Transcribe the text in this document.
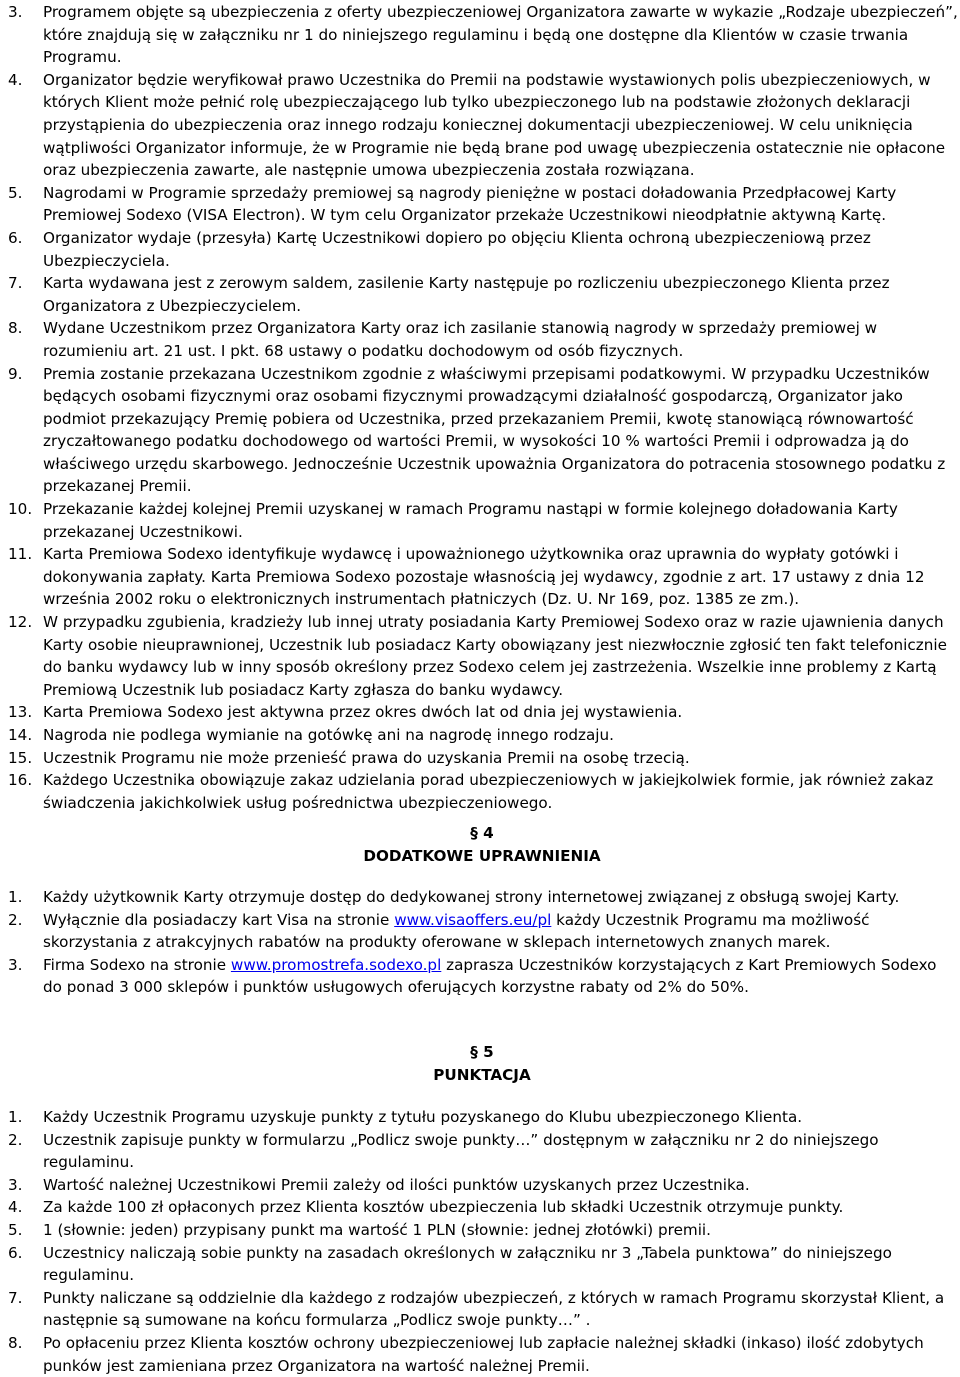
3. Programem objęte są ubezpieczenia z oferty ubezpieczeniowej Organizatora zawarte w wykazie „Rodzaje ubezpieczeń”, które znajdują się w załączniku nr 1 do niniejszego regulaminu i będą one dostępne dla Klientów w czasie trwania Programu.
4. Organizator będzie weryfikował prawo Uczestnika do Premii na podstawie wystawionych polis ubezpieczeniowych, w których Klient może pełnić rolę ubezpieczającego lub tylko ubezpieczonego lub na podstawie złożonych deklaracji przystąpienia do ubezpieczenia oraz innego rodzaju koniecznej dokumentacji ubezpieczeniowej. W celu uniknięcia wątpliwości Organizator informuje, że w Programie nie będą brane pod uwagę ubezpieczenia ostatecznie nie opłacone oraz ubezpieczenia zawarte, ale następnie umowa ubezpieczenia została rozwiązana.
5. Nagrodami w Programie sprzedaży premiowej są nagrody pieniężne w postaci doładowania Przedpłacowej Karty Premiowej Sodexo (VISA Electron). W tym celu Organizator przekaże Uczestnikowi nieodpłatnie aktywną Kartę.
6. Organizator wydaje (przesyła) Kartę Uczestnikowi dopiero po objęciu Klienta ochroną ubezpieczeniową przez Ubezpieczyciela.
7. Karta wydawana jest z zerowym saldem, zasilenie Karty następuje po rozliczeniu ubezpieczonego Klienta przez Organizatora z Ubezpieczycielem.
8. Wydane Uczestnikom przez Organizatora Karty oraz ich zasilanie stanowią nagrody w sprzedaży premiowej w rozumieniu art. 21 ust. I pkt. 68 ustawy o podatku dochodowym od osób fizycznych.
9. Premia zostanie przekazana Uczestnikom zgodnie z właściwymi przepisami podatkowymi. W przypadku Uczestników będących osobami fizycznymi oraz osobami fizycznymi prowadzącymi działalność gospodarczą, Organizator jako podmiot przekazujący Premię pobiera od Uczestnika, przed przekazaniem Premii, kwotę stanowiącą równowartość zryczałtowanego podatku dochodowego od wartości Premii, w wysokości 10 % wartości Premii i odprowadza ją do właściwego urzędu skarbowego. Jednocześnie Uczestnik upoważnia Organizatora do potracenia stosownego podatku z przekazanej Premii.
10. Przekazanie każdej kolejnej Premii uzyskanej w ramach Programu nastąpi w formie kolejnego doładowania Karty przekazanej Uczestnikowi.
11. Karta Premiowa Sodexo identyfikuje wydawcę i upoważnionego użytkownika oraz uprawnia do wypłaty gotówki i dokonywania zapłaty. Karta Premiowa Sodexo pozostaje własnością jej wydawcy, zgodnie z art. 17 ustawy z dnia 12 września 2002 roku o elektronicznych instrumentach płatniczych (Dz. U. Nr 169, poz. 1385 ze zm.).
12. W przypadku zgubienia, kradzieży lub innej utraty posiadania Karty Premiowej Sodexo oraz w razie ujawnienia danych Karty osobie nieuprawnionej, Uczestnik lub posiadacz Karty obowiązany jest niezwłocznie zgłosić ten fakt telefonicznie do banku wydawcy lub w inny sposób określony przez Sodexo celem jej zastrzeżenia. Wszelkie inne problemy z Kartą Premiową Uczestnik lub posiadacz Karty zgłasza do banku wydawcy.
13. Karta Premiowa Sodexo jest aktywna przez okres dwóch lat od dnia jej wystawienia.
14. Nagroda nie podlega wymianie na gotówkę ani na nagrodę innego rodzaju.
15. Uczestnik Programu nie może przenieść prawa do uzyskania Premii na osobę trzecią.
16. Każdego Uczestnika obowiązuje zakaz udzielania porad ubezpieczeniowych w jakiejkolwiek formie, jak również zakaz świadczenia jakichkolwiek usług pośrednictwa ubezpieczeniowego.
§ 4
DODATKOWE UPRAWNIENIA
1. Każdy użytkownik Karty otrzymuje dostęp do dedykowanej strony internetowej związanej z obsługą swojej Karty.
2. Wyłącznie dla posiadaczy kart Visa na stronie www.visaoffers.eu/pl każdy Uczestnik Programu ma możliwość skorzystania z atrakcyjnych rabatów na produkty oferowane w sklepach internetowych znanych marek.
3. Firma Sodexo na stronie www.promostrefa.sodexo.pl zaprasza Uczestników korzystających z Kart Premiowych Sodexo do ponad 3 000 sklepów i punktów usługowych oferujących korzystne rabaty od 2% do 50%.
§ 5
PUNKTACJA
1. Każdy Uczestnik Programu uzyskuje punkty z tytułu pozyskanego do Klubu ubezpieczonego Klienta.
2. Uczestnik zapisuje punkty w formularzu „Podlicz swoje punkty…” dostępnym w załączniku nr 2 do niniejszego regulaminu.
3. Wartość należnej Uczestnikowi Premii zależy od ilości punktów uzyskanych przez Uczestnika.
4. Za każde 100 zł opłaconych przez Klienta kosztów ubezpieczenia lub składki Uczestnik otrzymuje punkty.
5. 1 (słownie: jeden) przypisany punkt ma wartość 1 PLN (słownie: jednej złotówki) premii.
6. Uczestnicy naliczają sobie punkty na zasadach określonych w załączniku nr 3 „Tabela punktowa” do niniejszego regulaminu.
7. Punkty naliczane są oddzielnie dla każdego z rodzajów ubezpieczeń, z których w ramach Programu skorzystał Klient, a następnie są sumowane na końcu formularza „Podlicz swoje punkty…” .
8. Po opłaceniu przez Klienta kosztów ochrony ubezpieczeniowej lub zapłacie należnej składki (inkaso) ilość zdobytych punków jest zamieniana przez Organizatora na wartość należnej Premii.
